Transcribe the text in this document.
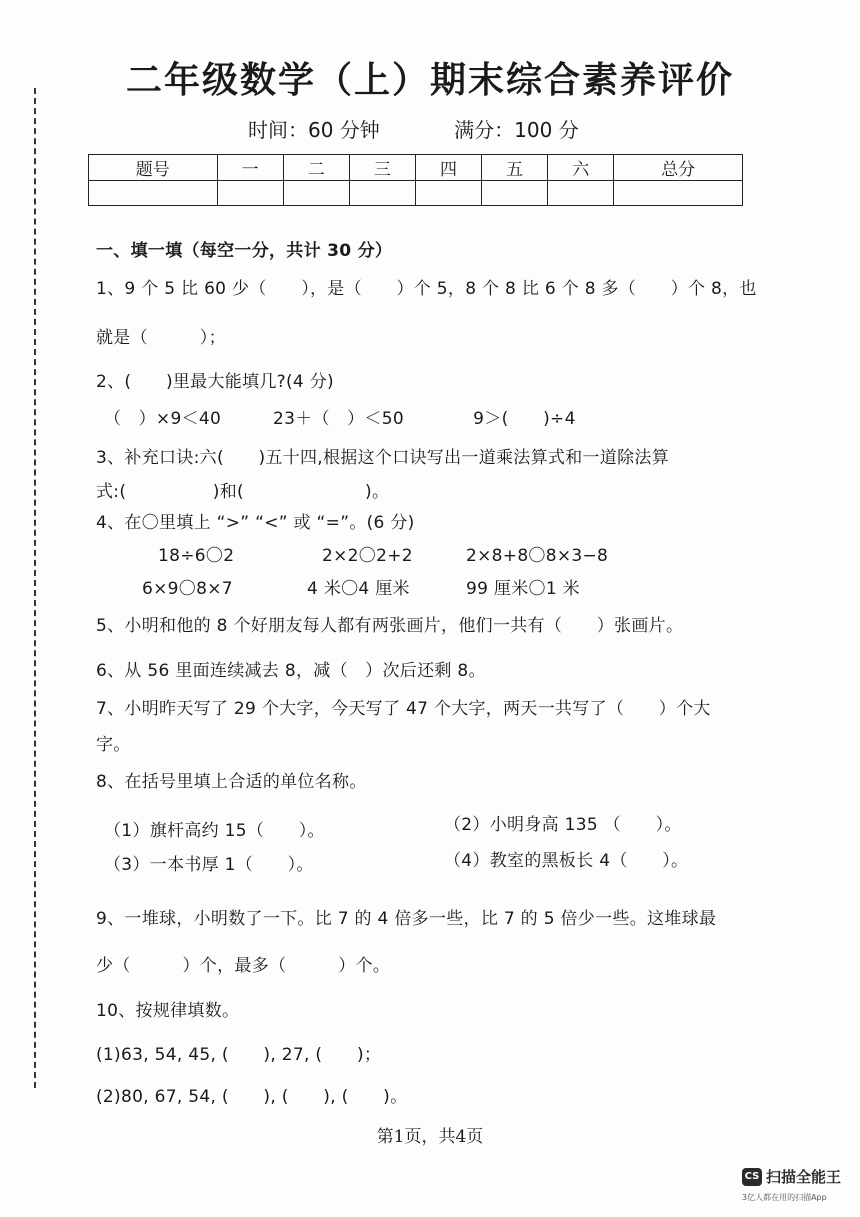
二年级数学（上）期末综合素养评价
时间：60 分钟	满分：100 分
题号	一	二	三	四	五	六	总分

一、填一填（每空一分，共计 30 分）
1、9 个 5 比 60 少（　　），是（　　）个 5，8 个 8 比 6 个 8 多（　　）个 8，也
就是（　　　）；
2、(　　)里最大能填几?(4 分)
（　）×9＜40　　　23＋（　）＜50　　　　9＞(　　)÷4
3、补充口诀:六(　　)五十四,根据这个口诀写出一道乘法算式和一道除法算
式:(　　　　　)和(　　　　　　　)。
4、在〇里填上 “>” “<” 或 “=”。(6 分)
18÷6〇2	2×2〇2+2	2×8+8〇8×3−8
6×9〇8×7	4 米〇4 厘米	99 厘米〇1 米
5、小明和他的 8 个好朋友每人都有两张画片，他们一共有（　　）张画片。
6、从 56 里面连续减去 8，减（　）次后还剩 8。
7、小明昨天写了 29 个大字，今天写了 47 个大字，两天一共写了（　　）个大
字。
8、在括号里填上合适的单位名称。
（1）旗杆高约 15（　　）。	（2）小明身高 135 （　　）。
（3）一本书厚 1（　　）。	（4）教室的黑板长 4（　　）。
9、一堆球，小明数了一下。比 7 的 4 倍多一些，比 7 的 5 倍少一些。这堆球最
少（　　　）个，最多（　　　）个。
10、按规律填数。
(1)63, 54, 45, (　　), 27, (　　)；
(2)80, 67, 54, (　　), (　　), (　　)。
第1页，共4页
CS 扫描全能王
3亿人都在用的扫描App
